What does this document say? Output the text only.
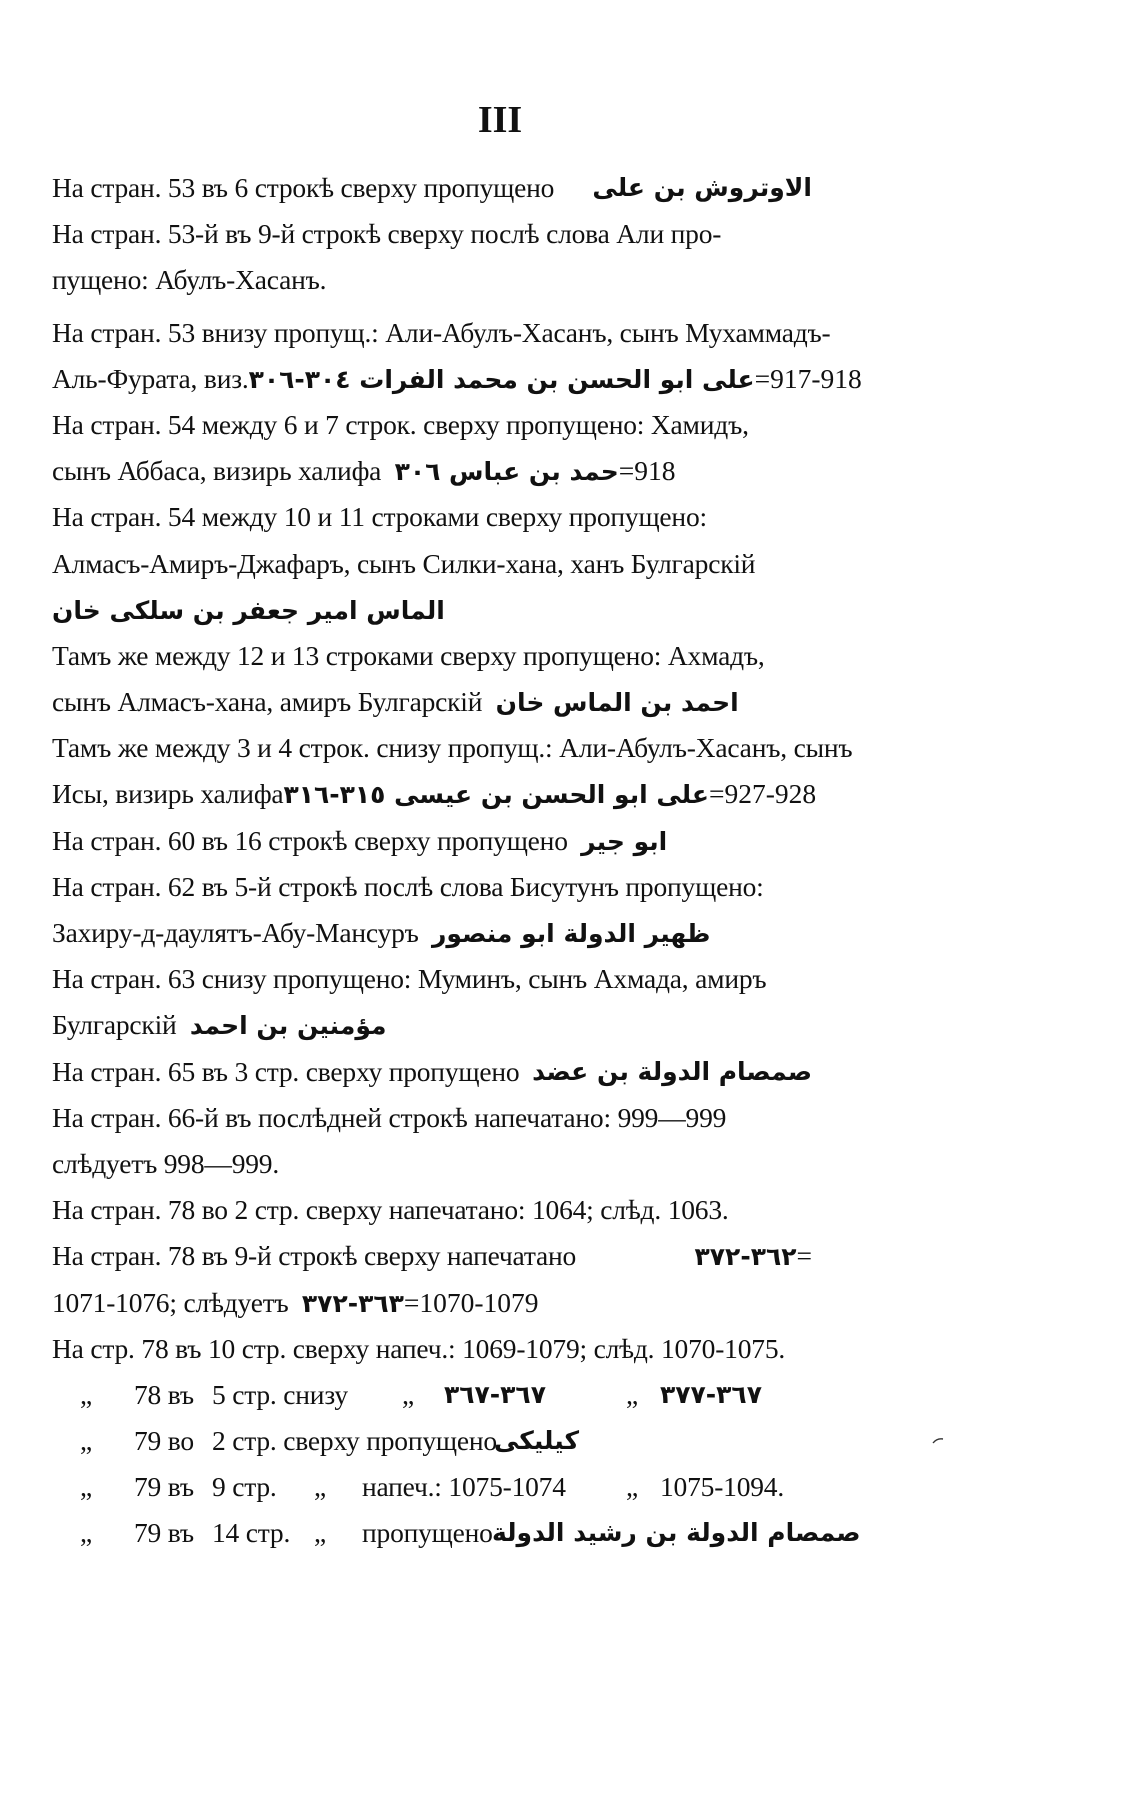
III
На стран. 53 въ 6 строкѣ сверху пропущено الاوتروش بن علی
На стран. 53-й въ 9-й строкѣ сверху послѣ слова Али про-
пущено: Абулъ-Хасанъ.
На стран. 53 внизу пропущ.: Али-Абулъ-Хасанъ, сынъ Мухаммадъ-
Аль-Фурата, виз. علی ابو الحسن بن محمد الفرات ٣٠٤-٣٠٦=917-918
На стран. 54 между 6 и 7 строк. сверху пропущено: Хамидъ,
сынъ Аббаса, визирь халифа حمد بن عباس ٣٠٦=918
На стран. 54 между 10 и 11 строками сверху пропущено:
Алмасъ-Амиръ-Джафаръ, сынъ Силки-хана, ханъ Булгарскій
الماس امیر جعفر بن سلکی خان
Тамъ же между 12 и 13 строками сверху пропущено: Ахмадъ,
сынъ Алмасъ-хана, амиръ Булгарскій احمد بن الماس خان
Тамъ же между 3 и 4 строк. снизу пропущ.: Али-Абулъ-Хасанъ, сынъ
Исы, визирь халифа علی ابو الحسن بن عیسی ٣١٥-٣١٦=927-928
На стран. 60 въ 16 строкѣ сверху пропущено ابو جیر
На стран. 62 въ 5-й строкѣ послѣ слова Бисутунъ пропущено:
Захиру-д-даулятъ-Абу-Мансуръ ظهیر الدولة ابو منصور
На стран. 63 снизу пропущено: Муминъ, сынъ Ахмада, амиръ
Булгарскій مؤمنین بن احمد
На стран. 65 въ 3 стр. сверху пропущено صمصام الدولة بن عضد
На стран. 66-й въ послѣдней строкѣ напечатано: 999—999
слѣдуетъ 998—999.
На стран. 78 во 2 стр. сверху напечатано: 1064; слѣд. 1063.
На стран. 78 въ 9-й строкѣ сверху напечатано	٣٦٢-٣٧٢=
1071-1076; слѣдуетъ ٣٦٣-٣٧٢=1070-1079
На стр. 78 въ 10 стр. сверху напеч.: 1069-1079; слѣд. 1070-1075.
„ 78 въ 5 стр. снизу „ ٣٦٧-٣٦٧	„ ٣٦٧-٣٧٧
„ 79 во 2 стр. сверху пропущено
کیلیکی
„ 79 въ 9 стр. „ напеч.: 1075-1074 „ 1075-1094.
„ 79 въ 14 стр. „ пропущено صمصام الدولة بن رشید الدولة
